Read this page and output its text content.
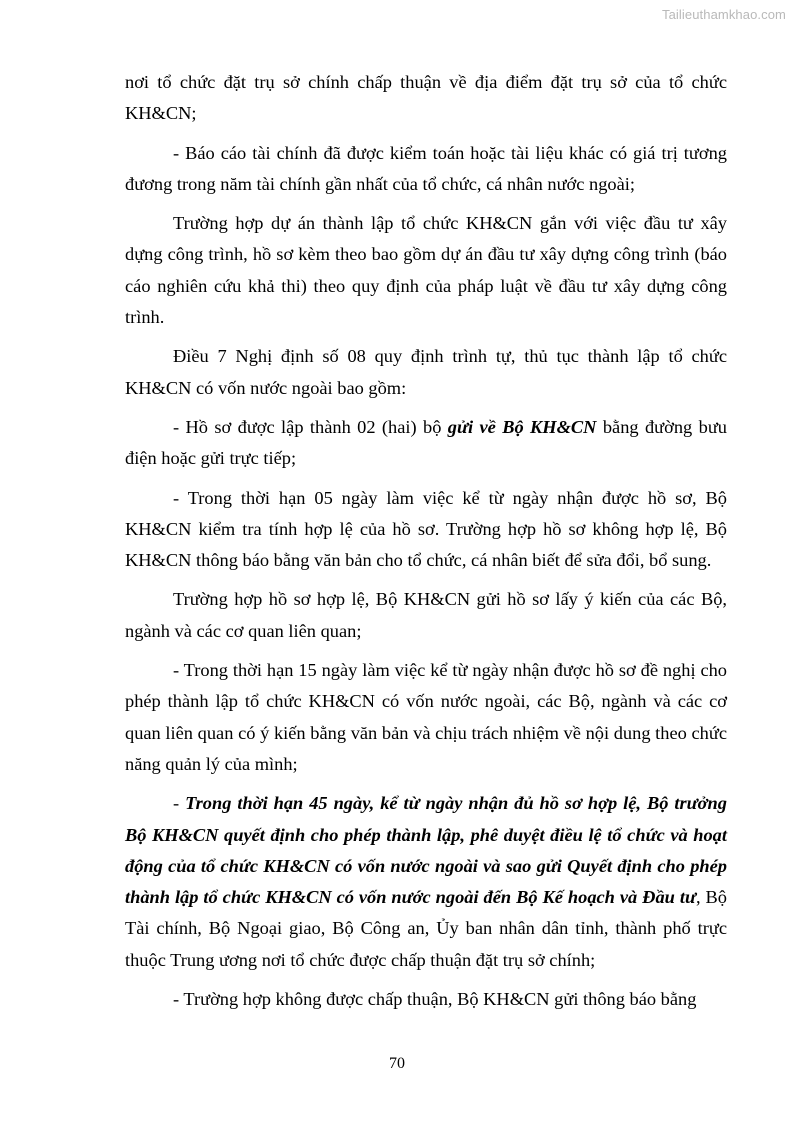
Tailieuthamkhao.com

nơi tổ chức đặt trụ sở chính chấp thuận về địa điểm đặt trụ sở của tổ chức KH&CN;

- Báo cáo tài chính đã được kiểm toán hoặc tài liệu khác có giá trị tương đương trong năm tài chính gần nhất của tổ chức, cá nhân nước ngoài;

Trường hợp dự án thành lập tổ chức KH&CN gắn với việc đầu tư xây dựng công trình, hồ sơ kèm theo bao gồm dự án đầu tư xây dựng công trình (báo cáo nghiên cứu khả thi) theo quy định của pháp luật về đầu tư xây dựng công trình.

Điều 7 Nghị định số 08 quy định trình tự, thủ tục thành lập tổ chức KH&CN có vốn nước ngoài bao gồm:

- Hồ sơ được lập thành 02 (hai) bộ gửi về Bộ KH&CN bằng đường bưu điện hoặc gửi trực tiếp;

- Trong thời hạn 05 ngày làm việc kể từ ngày nhận được hồ sơ, Bộ KH&CN kiểm tra tính hợp lệ của hồ sơ. Trường hợp hồ sơ không hợp lệ, Bộ KH&CN thông báo bằng văn bản cho tổ chức, cá nhân biết để sửa đổi, bổ sung.

Trường hợp hồ sơ hợp lệ, Bộ KH&CN gửi hồ sơ lấy ý kiến của các Bộ, ngành và các cơ quan liên quan;

- Trong thời hạn 15 ngày làm việc kể từ ngày nhận được hồ sơ đề nghị cho phép thành lập tổ chức KH&CN có vốn nước ngoài, các Bộ, ngành và các cơ quan liên quan có ý kiến bằng văn bản và chịu trách nhiệm về nội dung theo chức năng quản lý của mình;

- Trong thời hạn 45 ngày, kể từ ngày nhận đủ hồ sơ hợp lệ, Bộ trưởng Bộ KH&CN quyết định cho phép thành lập, phê duyệt điều lệ tổ chức và hoạt động của tổ chức KH&CN có vốn nước ngoài và sao gửi Quyết định cho phép thành lập tổ chức KH&CN có vốn nước ngoài đến Bộ Kế hoạch và Đầu tư, Bộ Tài chính, Bộ Ngoại giao, Bộ Công an, Ủy ban nhân dân tỉnh, thành phố trực thuộc Trung ương nơi tổ chức được chấp thuận đặt trụ sở chính;

- Trường hợp không được chấp thuận, Bộ KH&CN gửi thông báo bằng

70
